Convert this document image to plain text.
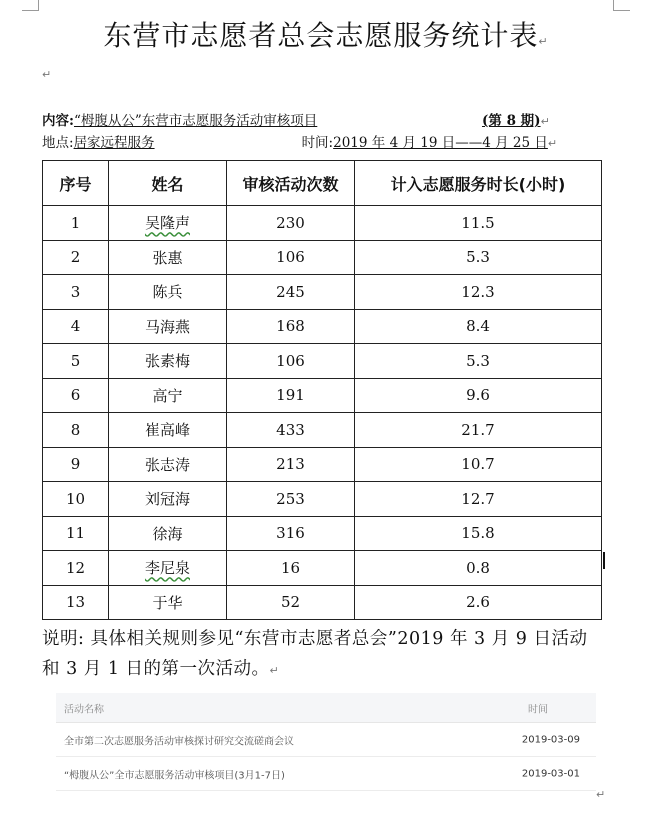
东营市志愿者总会志愿服务统计表↵
↵
内容:“栂腹从公”东营市志愿服务活动审核项目	(第 8 期)↵
地点:居家远程服务	时间:2019 年 4 月 19 日——4 月 25 日↵
序号	姓名	审核活动次数	计入志愿服务时长(小时)
1	吴隆声	230	11.5
2	张惠	106	5.3
3	陈兵	245	12.3
4	马海燕	168	8.4
5	张素梅	106	5.3
6	高宁	191	9.6
8	崔高峰	433	21.7
9	张志涛	213	10.7
10	刘冠海	253	12.7
11	徐海	316	15.8
12	李尼泉	16	0.8
13	于华	52	2.6
说明: 具体相关规则参见“东营市志愿者总会”2019 年 3 月 9 日活动和 3 月 1 日的第一次活动。↵
活动名称	时间
全市第二次志愿服务活动审核探讨研究交流磋商会议	2019-03-09
“栂腹从公”全市志愿服务活动审核项目(3月1-7日)	2019-03-01
↵
